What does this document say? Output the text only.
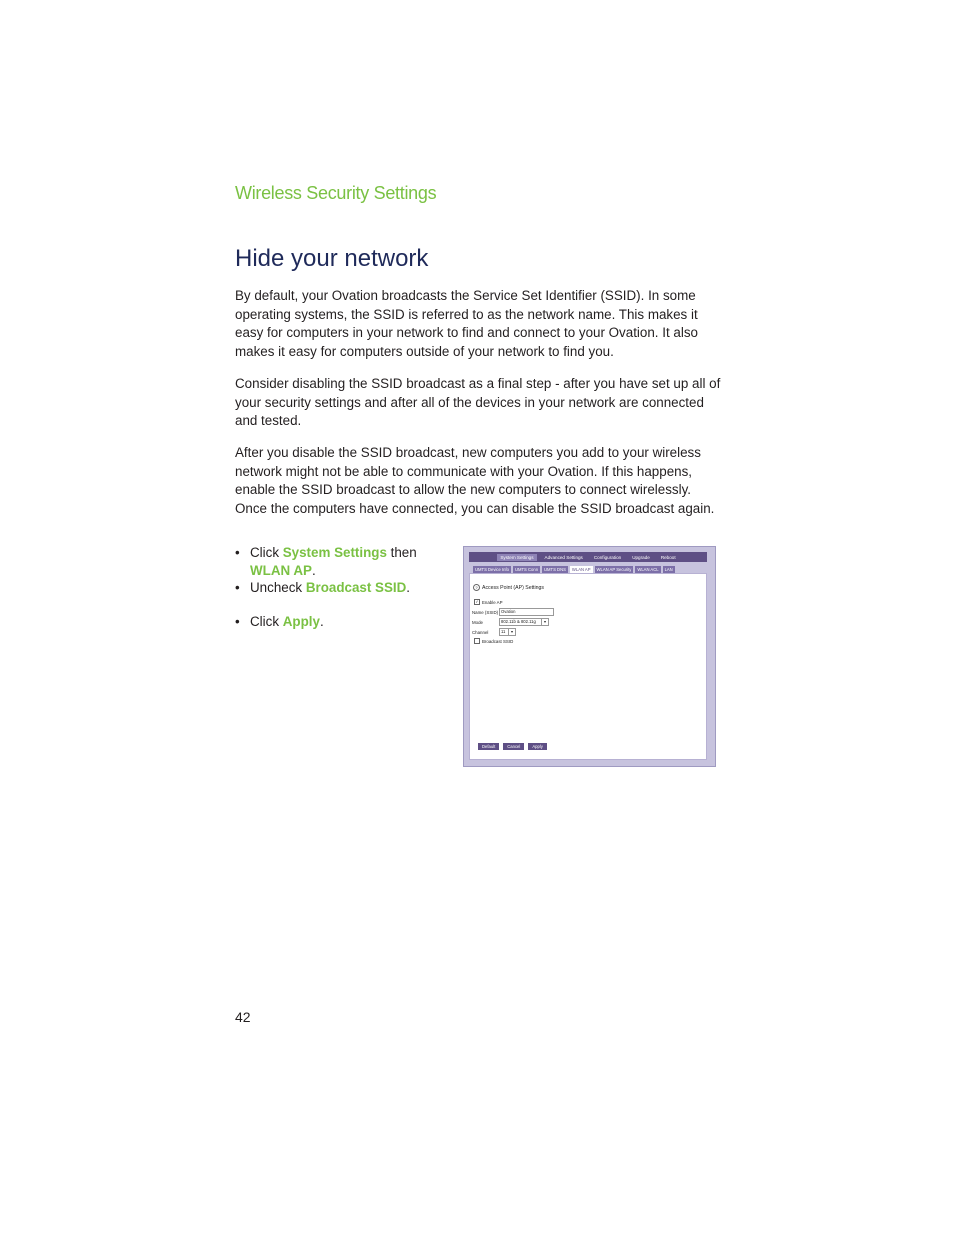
Wireless Security Settings
Hide your network

By default, your Ovation broadcasts the Service Set Identifier (SSID). In some operating systems, the SSID is referred to as the network name. This makes it easy for computers in your network to find and connect to your Ovation. It also makes it easy for computers outside of your network to find you.

Consider disabling the SSID broadcast as a final step - after you have set up all of your security settings and after all of the devices in your network are connected and tested.

After you disable the SSID broadcast, new computers you add to your wireless network might not be able to communicate with your Ovation. If this happens, enable the SSID broadcast to allow the new computers to connect wirelessly. Once the computers have connected, you can disable the SSID broadcast again.

• Click System Settings then WLAN AP.
• Uncheck Broadcast SSID.
• Click Apply.
System Settings	Advanced Settings	Configuration	Upgrade	Reboot
UMTS Device Info	UMTS Conn	UMTS DNS	WLAN AP	WLAN AP Security	WLAN ACL	LAN
? Access Point (AP) Settings
✓ Enable AP
Name (SSID) Ovation
Mode	802.11b & 802.11g	▾
Channel	11	▾
Broadcast SSID
Default	Cancel	Apply
42
